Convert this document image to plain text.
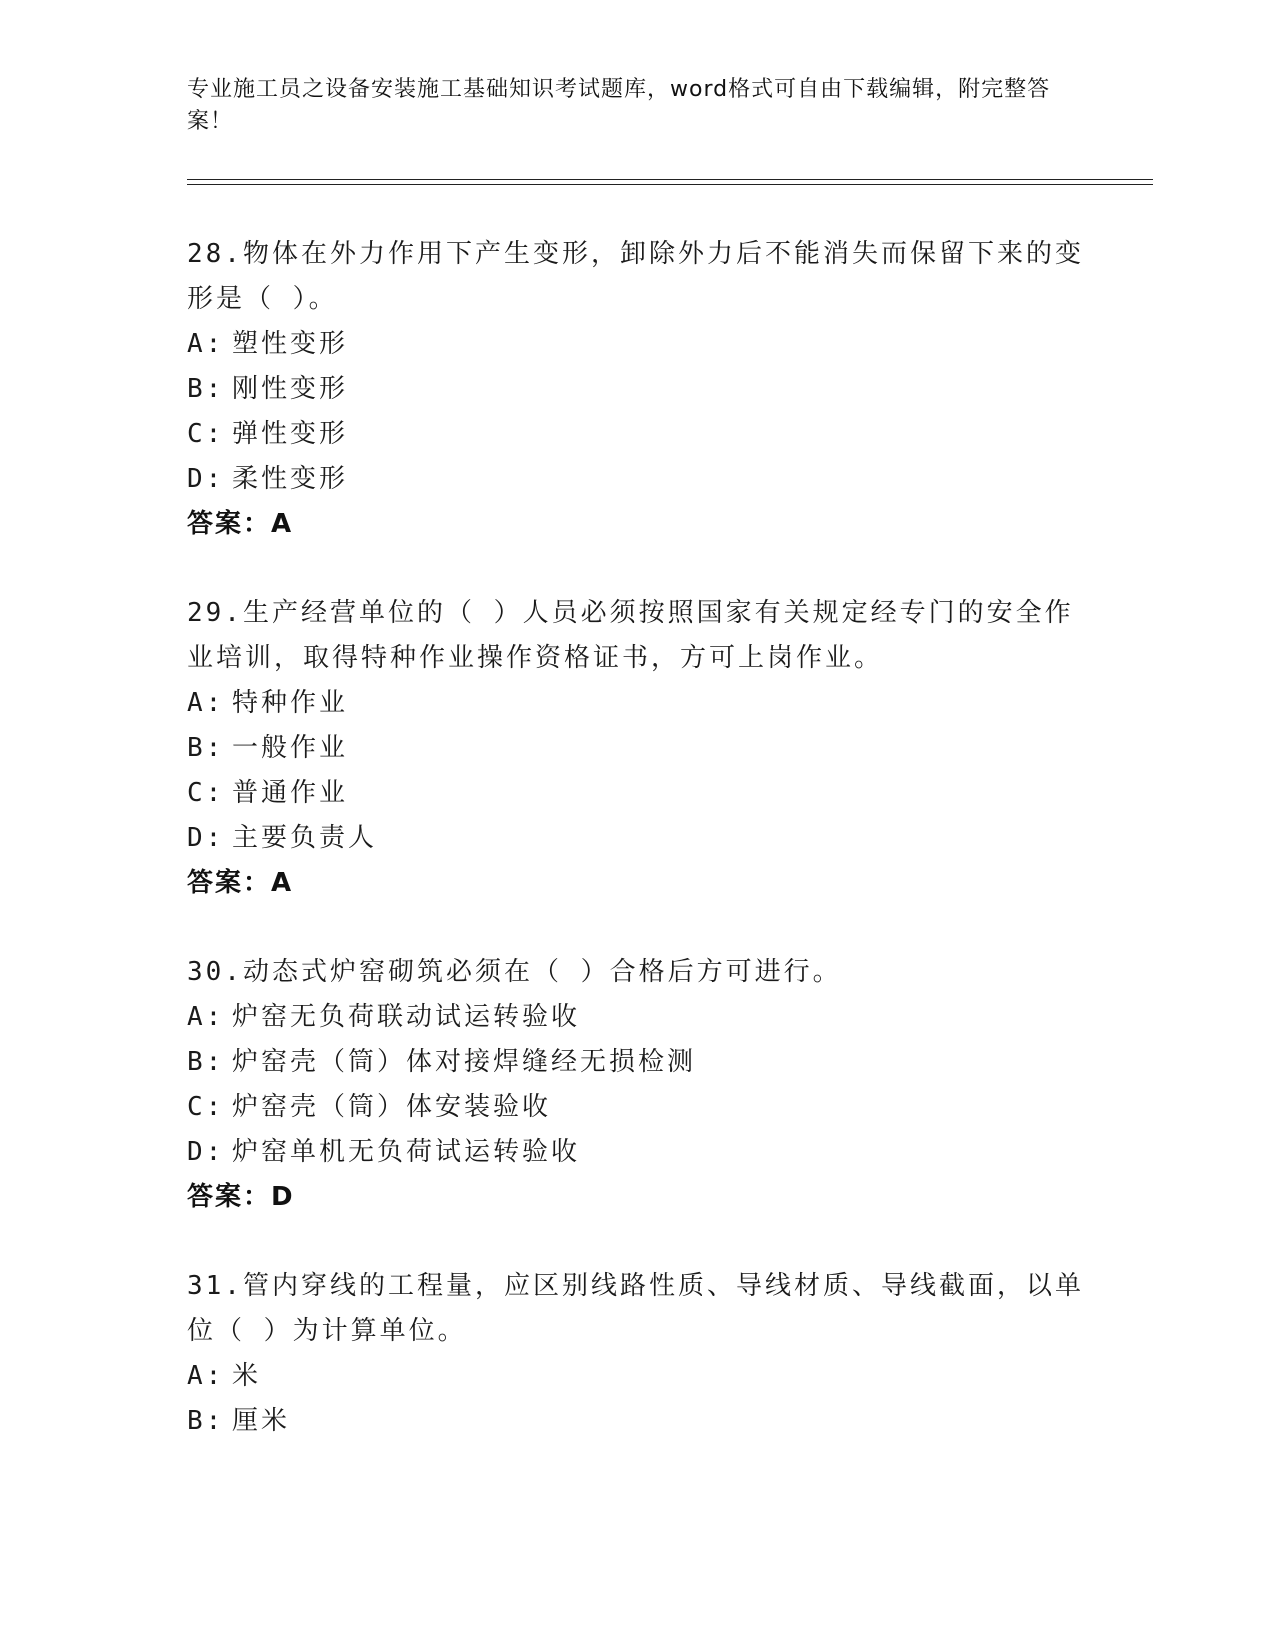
专业施工员之设备安装施工基础知识考试题库，word格式可自由下载编辑，附完整答案！
28.物体在外力作用下产生变形，卸除外力后不能消失而保留下来的变形是（ ）。
A: 塑性变形
B: 刚性变形
C: 弹性变形
D: 柔性变形
答案：A
29.生产经营单位的（ ）人员必须按照国家有关规定经专门的安全作业培训，取得特种作业操作资格证书，方可上岗作业。
A: 特种作业
B: 一般作业
C: 普通作业
D: 主要负责人
答案：A
30.动态式炉窑砌筑必须在（ ）合格后方可进行。
A: 炉窑无负荷联动试运转验收
B: 炉窑壳（筒）体对接焊缝经无损检测
C: 炉窑壳（筒）体安装验收
D: 炉窑单机无负荷试运转验收
答案：D
31.管内穿线的工程量，应区别线路性质、导线材质、导线截面，以单位（ ）为计算单位。
A: 米
B: 厘米
